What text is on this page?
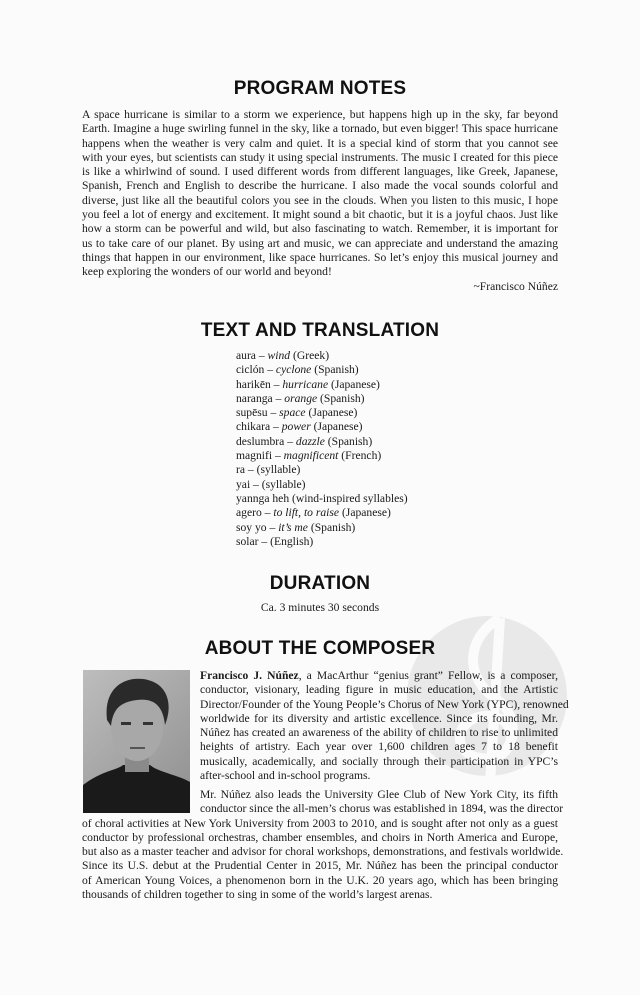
PROGRAM NOTES
A space hurricane is similar to a storm we experience, but happens high up in the sky, far beyond
Earth. Imagine a huge swirling funnel in the sky, like a tornado, but even bigger! This space hurricane
happens when the weather is very calm and quiet. It is a special kind of storm that you cannot see
with your eyes, but scientists can study it using special instruments. The music I created for this piece
is like a whirlwind of sound. I used different words from different languages, like Greek, Japanese,
Spanish, French and English to describe the hurricane. I also made the vocal sounds colorful and
diverse, just like all the beautiful colors you see in the clouds. When you listen to this music, I hope
you feel a lot of energy and excitement. It might sound a bit chaotic, but it is a joyful chaos. Just like
how a storm can be powerful and wild, but also fascinating to watch. Remember, it is important for
us to take care of our planet. By using art and music, we can appreciate and understand the amazing
things that happen in our environment, like space hurricanes. So let’s enjoy this musical journey and
keep exploring the wonders of our world and beyond!
~Francisco Núñez
TEXT AND TRANSLATION
aura – wind (Greek)
ciclón – cyclone (Spanish)
harikēn – hurricane (Japanese)
naranga – orange (Spanish)
supēsu – space (Japanese)
chikara – power (Japanese)
deslumbra – dazzle (Spanish)
magnifi – magnificent (French)
ra – (syllable)
yai – (syllable)
yannga heh (wind-inspired syllables)
agero – to lift, to raise (Japanese)
soy yo – it’s me (Spanish)
solar – (English)
DURATION
Ca. 3 minutes 30 seconds
ABOUT THE COMPOSER
Francisco J. Núñez, a MacArthur “genius grant” Fellow, is a composer,
conductor, visionary, leading figure in music education, and the Artistic
Director/Founder of the Young People’s Chorus of New York (YPC), renowned
worldwide for its diversity and artistic excellence. Since its founding, Mr.
Núñez has created an awareness of the ability of children to rise to unlimited
heights of artistry. Each year over 1,600 children ages 7 to 18 benefit
musically, academically, and socially through their participation in YPC’s
after-school and in-school programs.
Mr. Núñez also leads the University Glee Club of New York City, its fifth
conductor since the all-men’s chorus was established in 1894, was the director
of choral activities at New York University from 2003 to 2010, and is sought after not only as a guest
conductor by professional orchestras, chamber ensembles, and choirs in North America and Europe,
but also as a master teacher and advisor for choral workshops, demonstrations, and festivals worldwide.
Since its U.S. debut at the Prudential Center in 2015, Mr. Núñez has been the principal conductor
of American Young Voices, a phenomenon born in the U.K. 20 years ago, which has been bringing
thousands of children together to sing in some of the world’s largest arenas.
